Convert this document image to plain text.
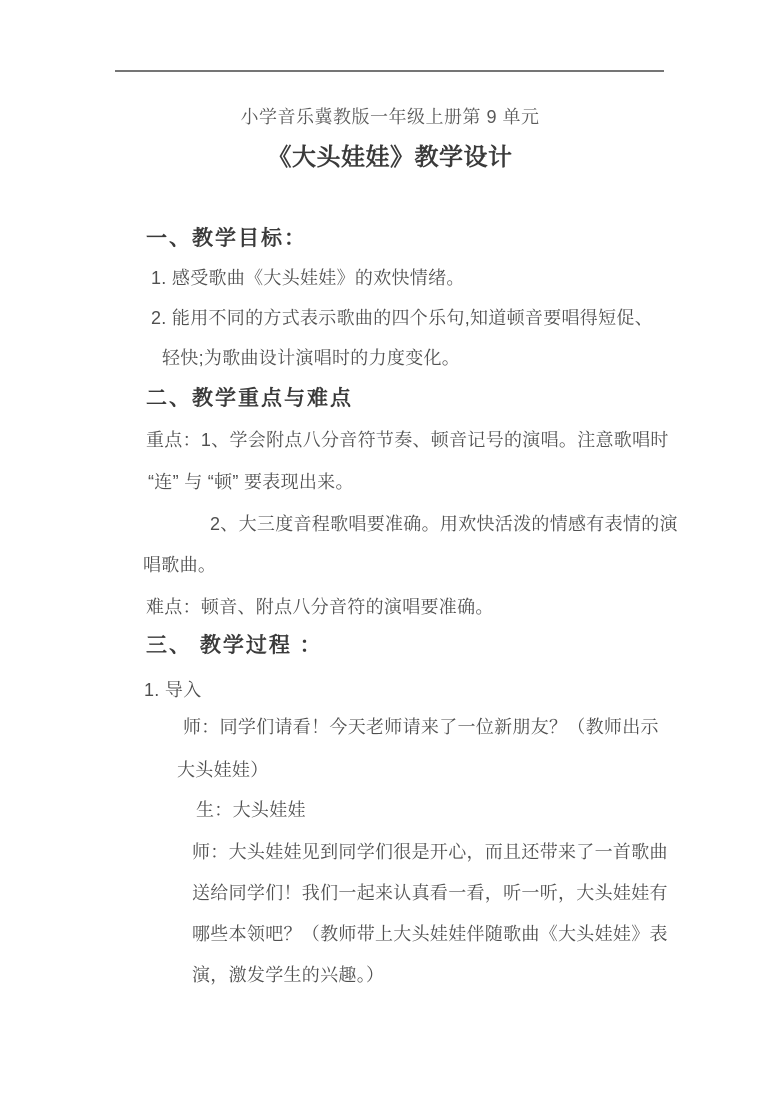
小学音乐冀教版一年级上册第 9 单元
《大头娃娃》教学设计
一、教学目标：
1. 感受歌曲《大头娃娃》的欢快情绪。
2. 能用不同的方式表示歌曲的四个乐句,知道顿音要唱得短促、
轻快;为歌曲设计演唱时的力度变化。
二、教学重点与难点
重点：1、学会附点八分音符节奏、顿音记号的演唱。注意歌唱时
“连” 与 “顿” 要表现出来。
2、大三度音程歌唱要准确。用欢快活泼的情感有表情的演
唱歌曲。
难点：顿音、附点八分音符的演唱要准确。
三、 教学过程 ：
1. 导入
师：同学们请看！今天老师请来了一位新朋友？（教师出示
大头娃娃）
生：大头娃娃
师：大头娃娃见到同学们很是开心，而且还带来了一首歌曲
送给同学们！我们一起来认真看一看，听一听，大头娃娃有
哪些本领吧？（教师带上大头娃娃伴随歌曲《大头娃娃》表
演，激发学生的兴趣。）
